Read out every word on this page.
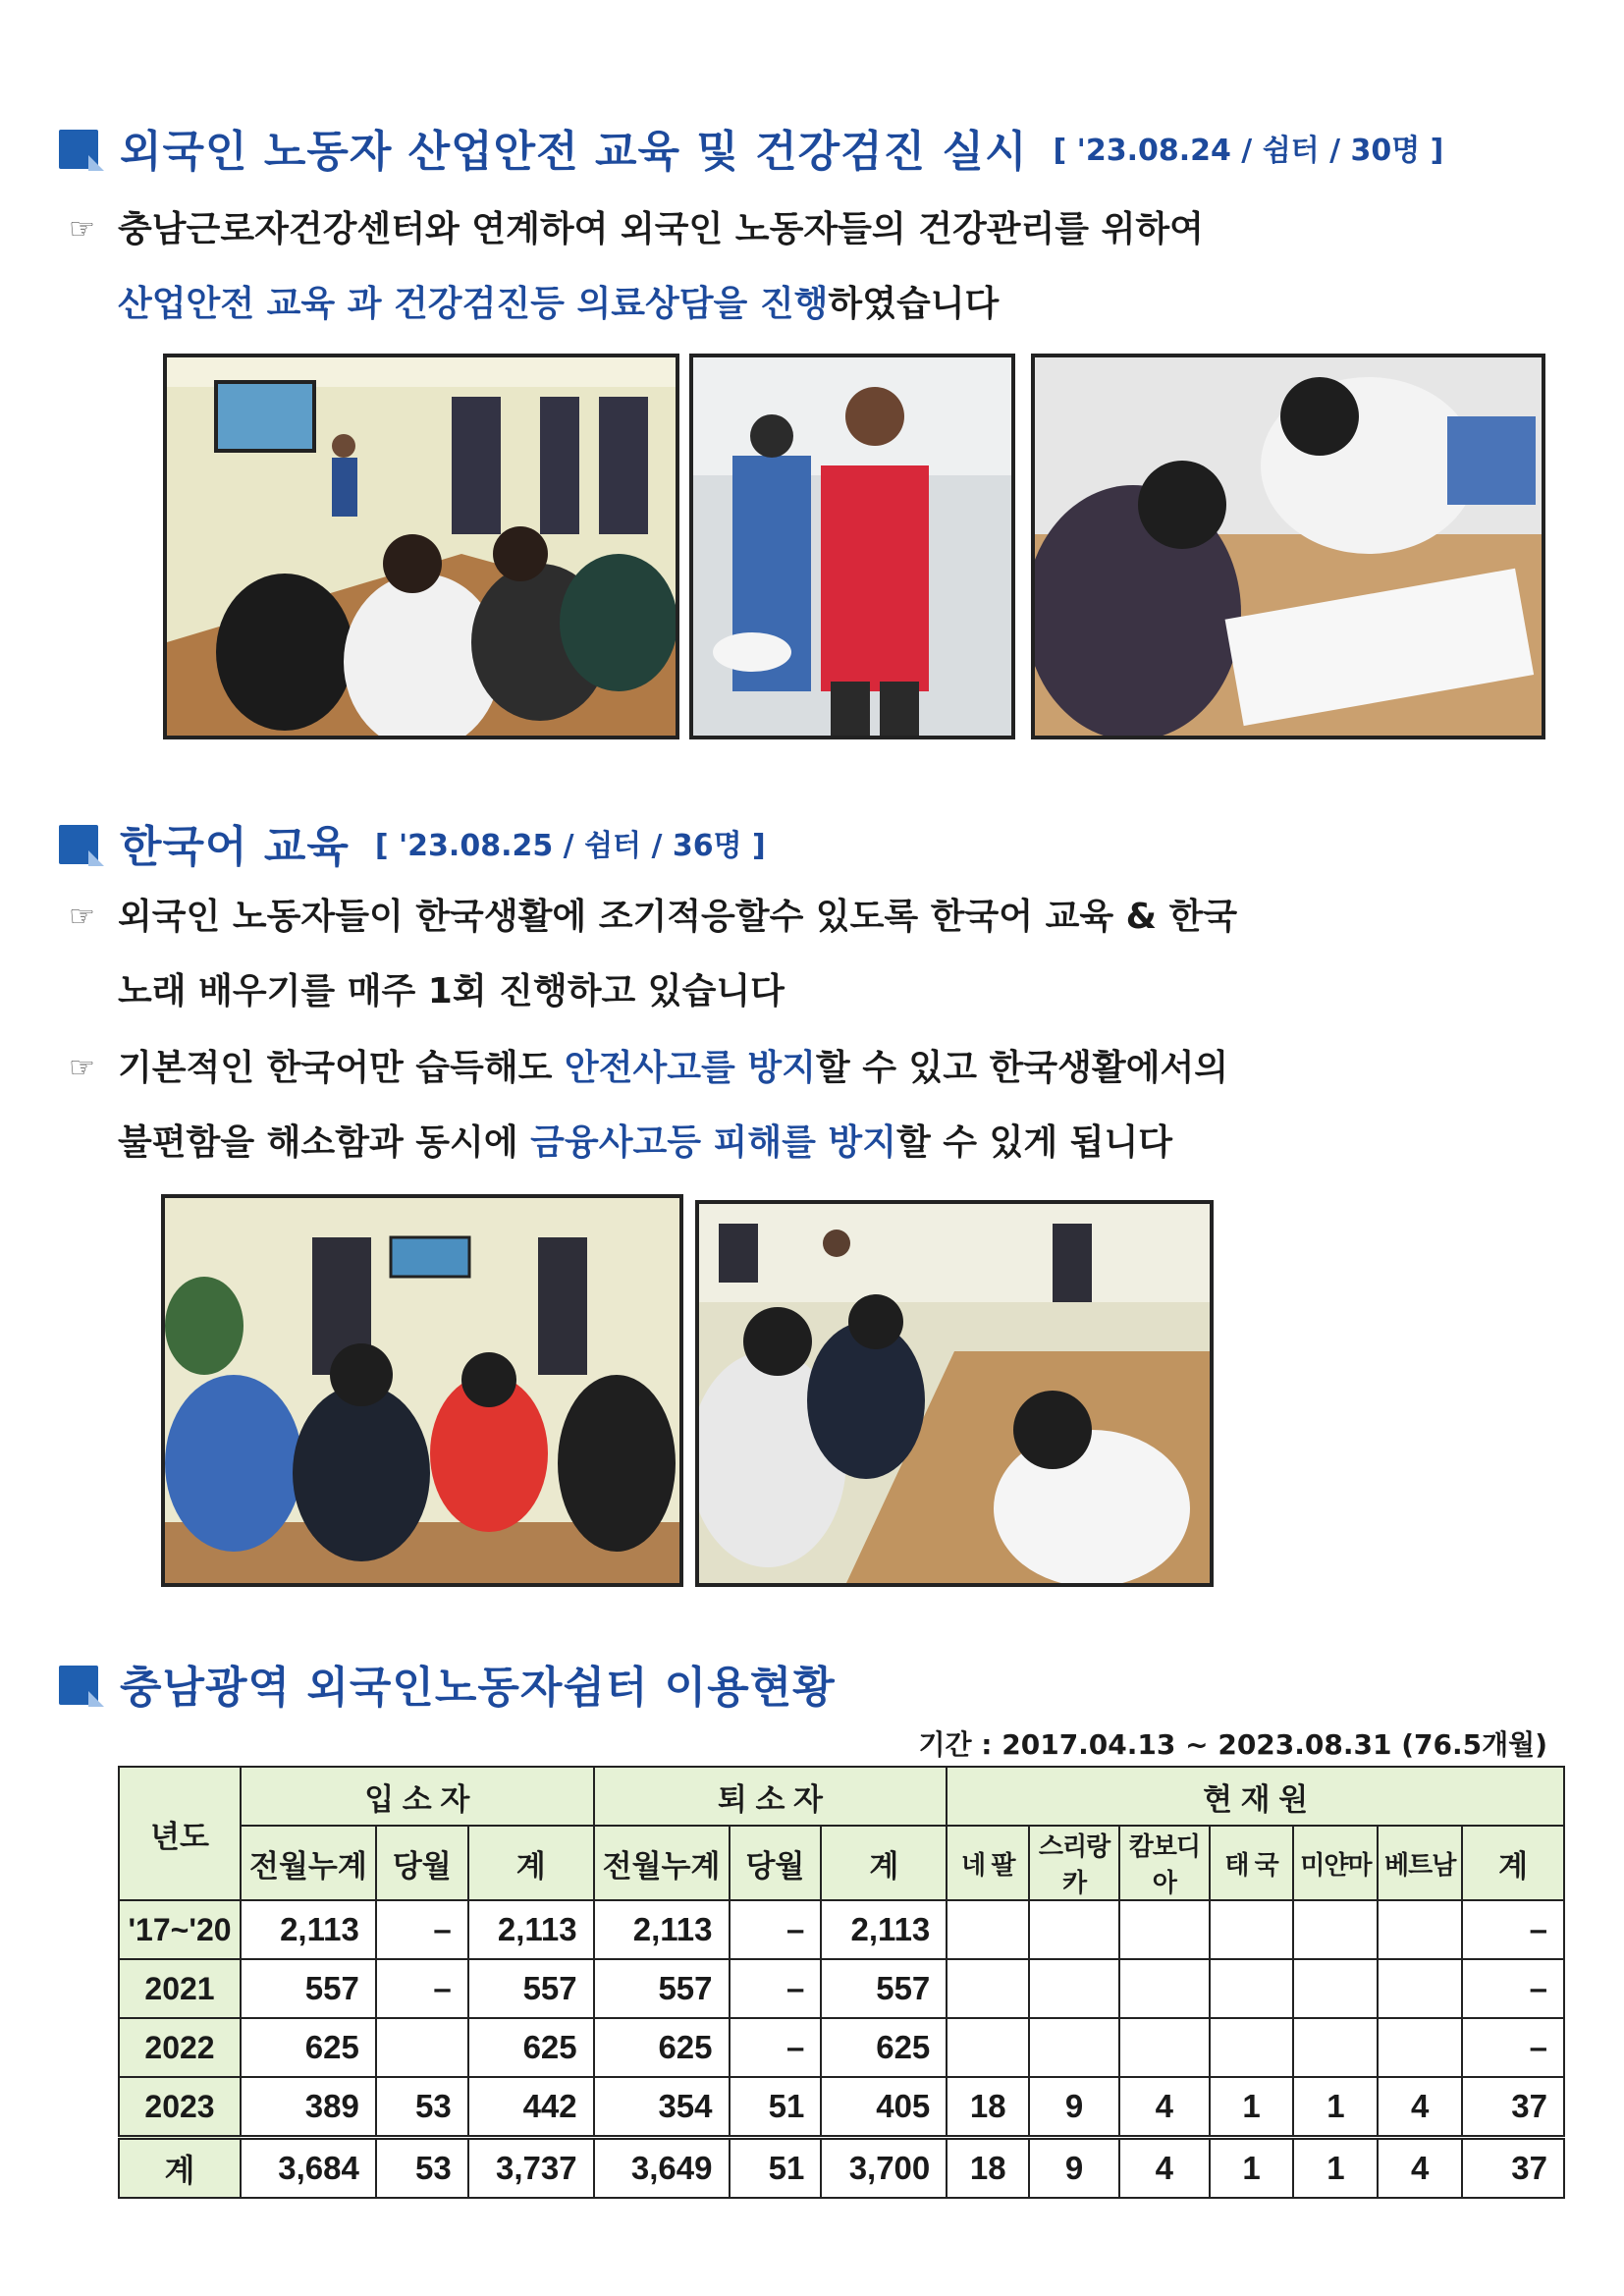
외국인 노동자 산업안전 교육 및 건강검진 실시 [ '23.08.24 / 쉼터 / 30명 ]
☞ 충남근로자건강센터와 연계하여 외국인 노동자들의 건강관리를 위하여
산업안전 교육 과 건강검진등 의료상담을 진행하였습니다
한국어 교육 [ '23.08.25 / 쉼터 / 36명 ]
☞ 외국인 노동자들이 한국생활에 조기적응할수 있도록 한국어 교육 & 한국
노래 배우기를 매주 1회 진행하고 있습니다
☞ 기본적인 한국어만 습득해도 안전사고를 방지할 수 있고 한국생활에서의
불편함을 해소함과 동시에 금융사고등 피해를 방지할 수 있게 됩니다
충남광역 외국인노동자쉼터 이용현황
기간 : 2017.04.13 ~ 2023.08.31 (76.5개월)
년도	입 소 자			퇴 소 자			현 재 원						
	전월누계	당월	계	전월누계	당월	계	네 팔	스리랑카	캄보디아	태 국	미얀마	베트남	계
'17~'20	2,113	–	2,113	2,113	–	2,113							–
2021	557	–	557	557	–	557							–
2022	625		625	625	–	625							–
2023	389	53	442	354	51	405	18	9	4	1	1	4	37
계	3,684	53	3,737	3,649	51	3,700	18	9	4	1	1	4	37
